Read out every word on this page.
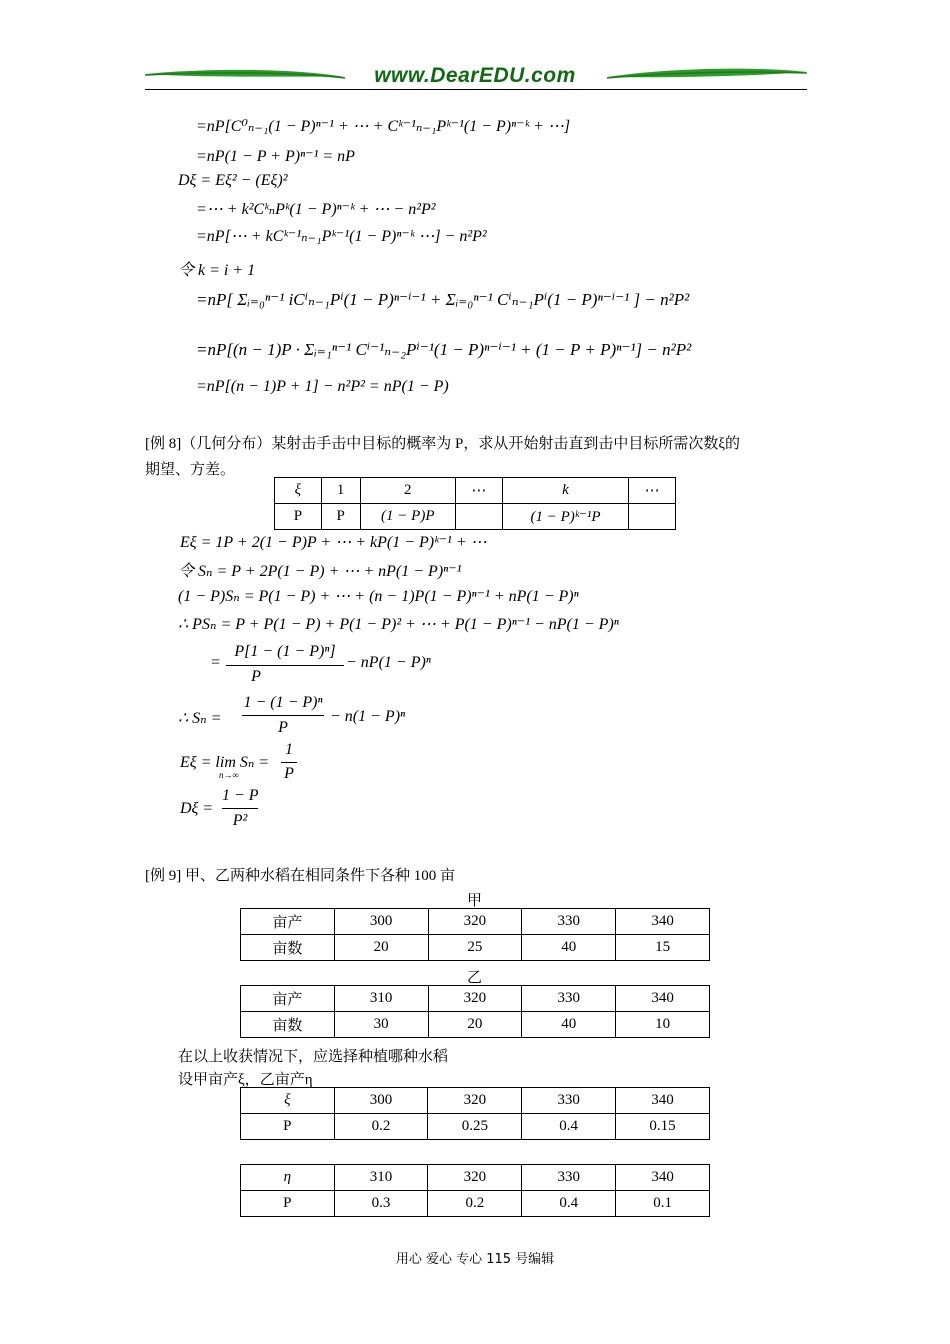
www.DearEDU.com
=nP[C⁰ₙ₋₁(1 − P)ⁿ⁻¹ + ⋯ + Cᵏ⁻¹ₙ₋₁Pᵏ⁻¹(1 − P)ⁿ⁻ᵏ + ⋯]
=nP(1 − P + P)ⁿ⁻¹ = nP
Dξ = Eξ² − (Eξ)²
=⋯ + k²CᵏₙPᵏ(1 − P)ⁿ⁻ᵏ + ⋯ − n²P²
=nP[⋯ + kCᵏ⁻¹ₙ₋₁Pᵏ⁻¹(1 − P)ⁿ⁻ᵏ ⋯] − n²P²
令 k = i + 1
=nP[ Σᵢ₌₀ⁿ⁻¹ iCⁱₙ₋₁Pⁱ(1 − P)ⁿ⁻ⁱ⁻¹ + Σᵢ₌₀ⁿ⁻¹ Cⁱₙ₋₁Pⁱ(1 − P)ⁿ⁻ⁱ⁻¹ ] − n²P²
=nP[(n − 1)P · Σᵢ₌₁ⁿ⁻¹ Cⁱ⁻¹ₙ₋₂Pⁱ⁻¹(1 − P)ⁿ⁻ⁱ⁻¹ + (1 − P + P)ⁿ⁻¹] − n²P²
=nP[(n − 1)P + 1] − n²P² = nP(1 − P)
[例 8]（几何分布）某射击手击中目标的概率为 P，求从开始射击直到击中目标所需次数ξ的
期望、方差。
ξ	1	2	⋯	k	⋯
P	P	(1 − P)P		(1 − P)ᵏ⁻¹P	
Eξ = 1P + 2(1 − P)P + ⋯ + kP(1 − P)ᵏ⁻¹ + ⋯
令 Sₙ = P + 2P(1 − P) + ⋯ + nP(1 − P)ⁿ⁻¹
(1 − P)Sₙ = P(1 − P) + ⋯ + (n − 1)P(1 − P)ⁿ⁻¹ + nP(1 − P)ⁿ
∴ PSₙ = P + P(1 − P) + P(1 − P)² + ⋯ + P(1 − P)ⁿ⁻¹ − nP(1 − P)ⁿ
=
P[1 − (1 − P)ⁿ]
P
− nP(1 − P)ⁿ
∴ Sₙ =
1 − (1 − P)ⁿ
P
− n(1 − P)ⁿ
Eξ = lim Sₙ =
n→∞
1
P
Dξ =
1 − P
P²
[例 9] 甲、乙两种水稻在相同条件下各种 100 亩
甲
亩产	300	320	330	340
亩数	20	25	40	15
乙
亩产	310	320	330	340
亩数	30	20	40	10
在以上收获情况下，应选择种植哪种水稻
设甲亩产ξ，乙亩产η
ξ	300	320	330	340
P	0.2	0.25	0.4	0.15
η	310	320	330	340
P	0.3	0.2	0.4	0.1
用心 爱心 专心 115 号编辑
